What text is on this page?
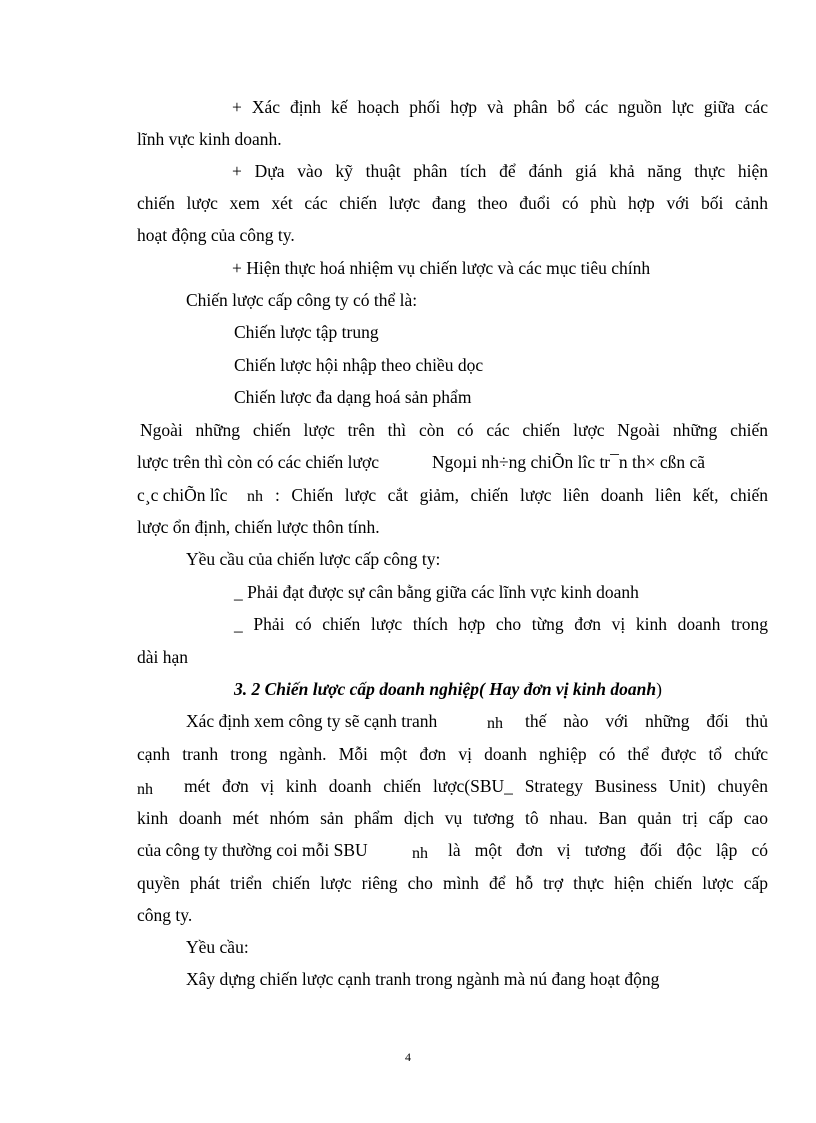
+ Xác định kế hoạch phối hợp và phân bổ các nguồn lực giữa các
lĩnh vực kinh doanh.
+ Dựa vào kỹ thuật phân tích để đánh giá khả năng thực hiện
chiến lược xem xét các chiến lược đang theo đuổi có phù hợp với bối cảnh
hoạt động của công ty.
+ Hiện thực hoá nhiệm vụ chiến lược và các mục tiêu chính
Chiến lược cấp công ty có thể là:
Chiến lược tập trung
Chiến lược hội nhập theo chiều dọc
Chiến lược đa dạng hoá sản phẩm
Ngoài những chiến lược trên thì còn có các chiến lược Ngoài những chiến
lược trên thì còn có các chiến lược	Ngoµi nh÷ng chiÕn lîc tr¯n th× cßn cã
c¸c chiÕn lîc nh : Chiến lược cắt giảm, chiến lược liên doanh liên kết, chiến
lược ổn định, chiến lược thôn tính.
Yều cầu của chiến lược cấp công ty:
_ Phải đạt được sự cân bằng giữa các lĩnh vực kinh doanh
_ Phải có chiến lược thích hợp cho từng đơn vị kinh doanh trong
dài hạn
3. 2 Chiến lược cấp doanh nghiệp( Hay đơn vị kinh doanh)
Xác định xem công ty sẽ cạnh tranh	nh thế nào với những đối thủ
cạnh tranh trong ngành. Mỗi một đơn vị doanh nghiệp có thể được tổ chức
nh mét đơn vị kinh doanh chiến lược(SBU_ Strategy Business Unit) chuyên
kinh doanh mét nhóm sản phẩm dịch vụ tương tô nhau. Ban quản trị cấp cao
của công ty thường coi mỗi SBU	nh là một đơn vị tương đối độc lập có
quyền phát triển chiến lược riêng cho mình để hỗ trợ thực hiện chiến lược cấp
công ty.
Yều cầu:
Xây dựng chiến lược cạnh tranh trong ngành mà nú đang hoạt động
4
